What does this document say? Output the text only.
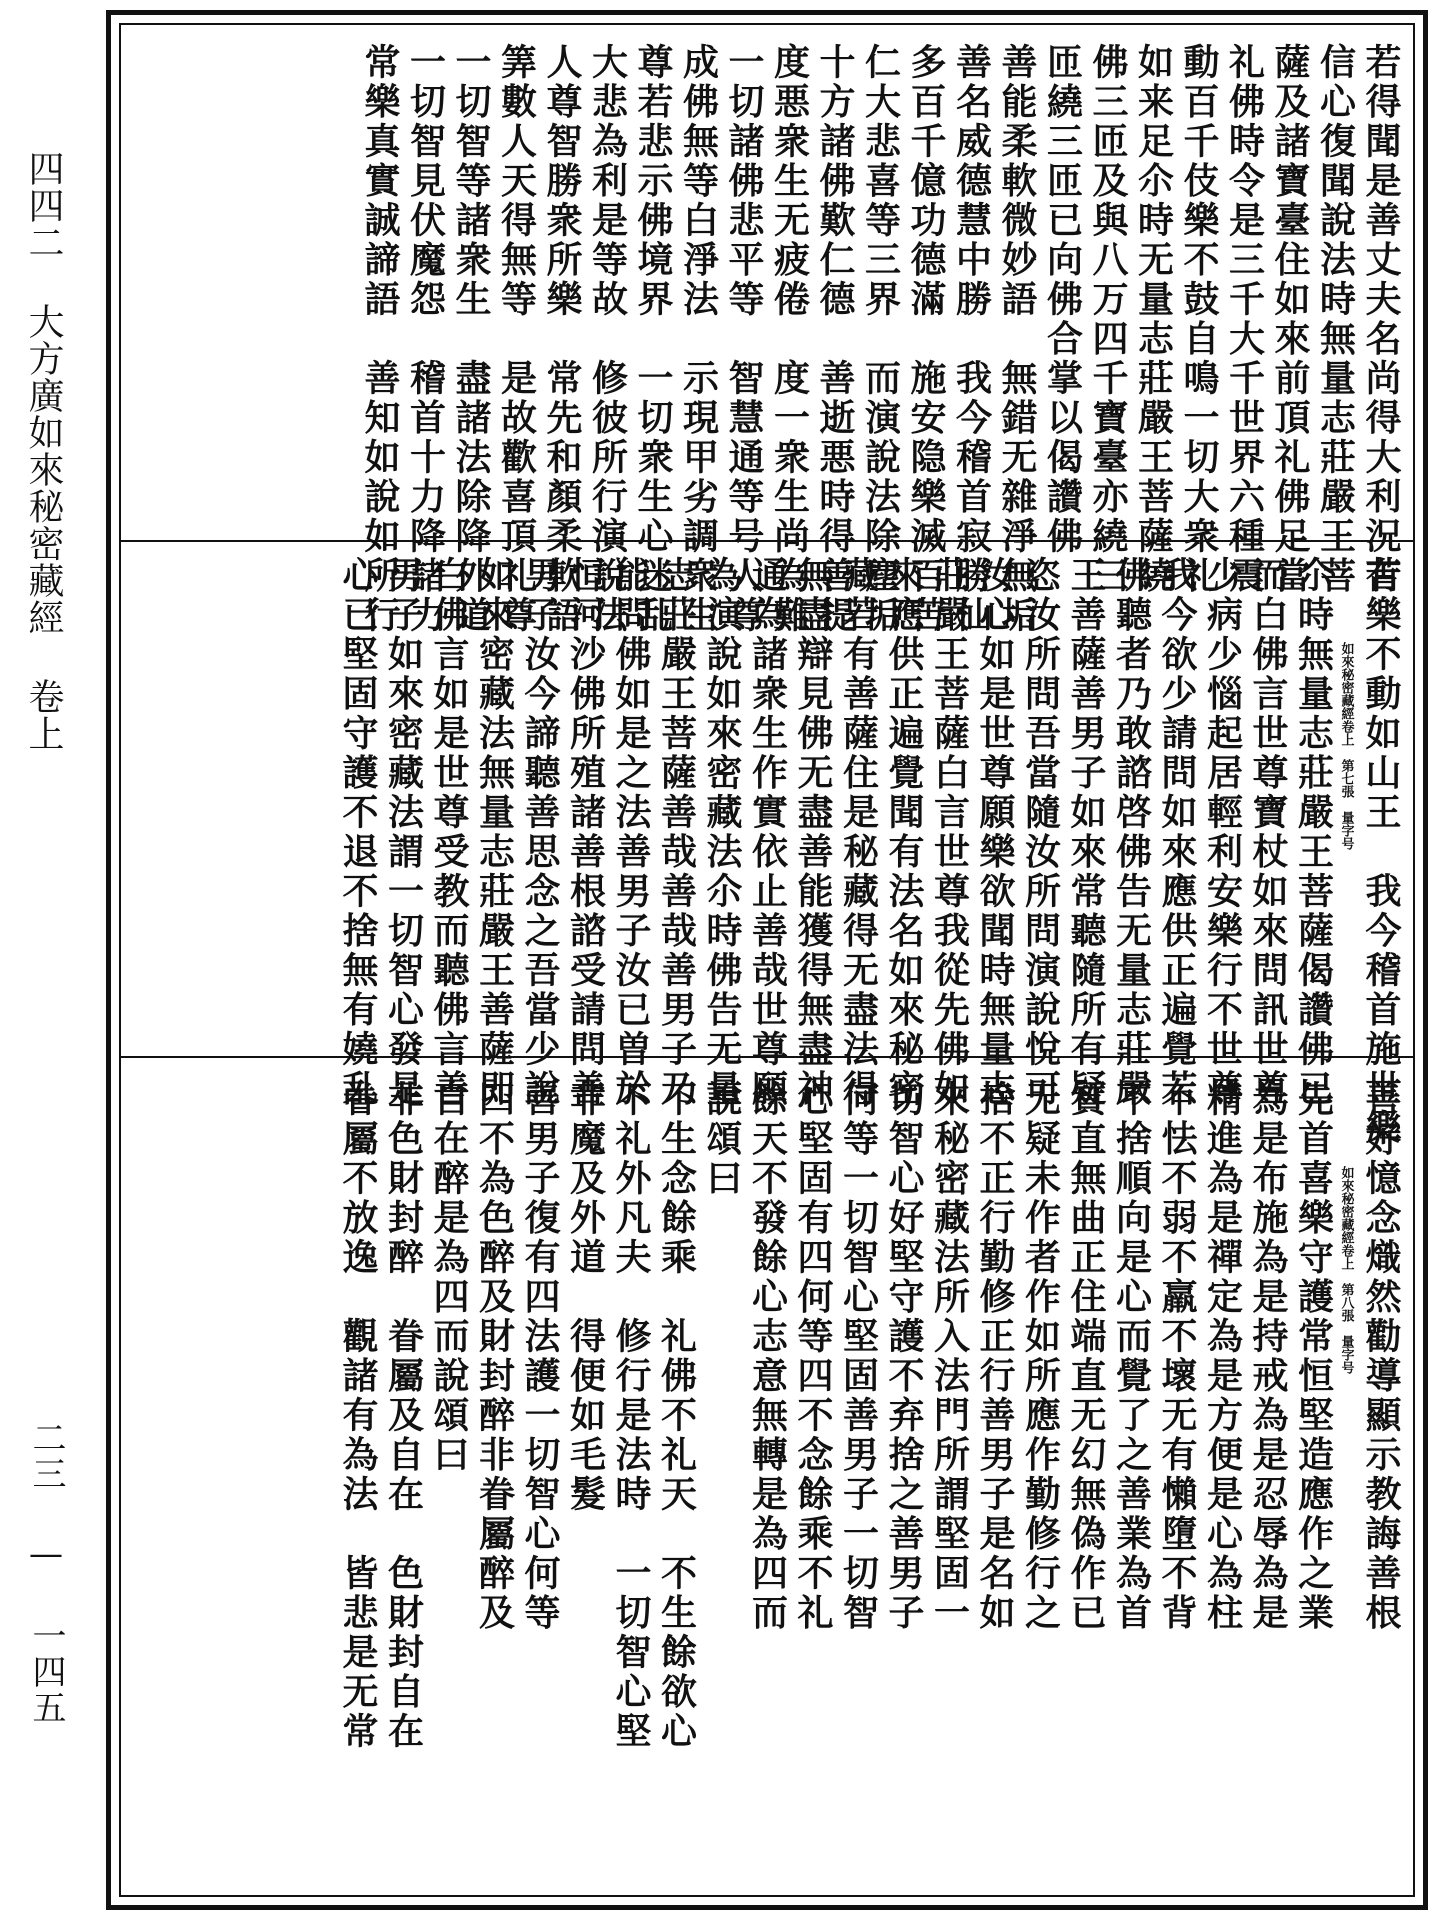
四四二 大方廣如來秘密藏經 卷上
二三 — 一四五
若得聞是善丈夫名尚得大利況有
信心復聞說法時無量志莊嚴王菩
薩及諸寶臺住如來前頂礼佛足當
礼佛時令是三千大千世界六種震
動百千伎樂不鼓自鳴一切大衆礼
如来足尒時无量志莊嚴王菩薩繞
佛三匝及與八万四千寶臺亦繞三
匝繞三匝已向佛合掌以偈讚佛
善能柔軟微妙語　無錯无雜淨無垢
善名威德慧中勝　我今稽首寂勝仙
多百千億功德滿　施安隐樂滅百苦
仁大悲喜等三界　而演說法除塵垢
十方諸佛歎仁德　善逝悪時得善提
度悪衆生无疲倦　度一衆生尚為難
一切諸佛悲平等　智慧通等号人尊
成佛無等白淨法　示現甲劣調衆生
尊若悲示佛境界　一切衆生心迷乱
大悲為利是等故　修彼所行演說法
人尊智勝衆所樂　常先和顏柔軟語
筭數人天得無等　是故歡喜頂礼尊
一切智等諸衆生　盡諸法除降外道
一切智見伏魔怨　稽首十力降諸力
常樂真實誠諦語　善知如說如所行
苦樂不動如山王　我今稽首施世樂
尒時無量志莊嚴王菩薩偈讚佛已
而白佛言世尊寶杖如來問訊世尊
少病少惱起居輕利安樂行不世尊
我今欲少請問如來應供正遍覺若
佛聽者乃敢諮啓佛告无量志莊嚴
王善薩善男子如來常聽隨所有疑
恣汝所問吾當隨汝所問演說悅可
汝心如是世尊願樂欲聞時無量志
莊嚴王菩薩白言世尊我從先佛如
來應供正遍覺聞有法名如來秘密
藏若有善薩住是秘藏得无盡法得
無盡辯見佛无盡善能獲得無盡神
通為諸衆生作實依止善哉世尊願
為演說如來密藏法尒時佛告无量
志莊嚴王菩薩善哉善哉善男子乃
能問佛如是之法善男子汝已曽於
恒河沙佛所殖諸善根諮受請問善
男子汝今諦聽善思念之吾當少說
如來密藏法無量志莊嚴王善薩即
白佛言如是世尊受教而聽佛言善
男子如來密藏法謂一切智心發是
心已堅固守護不退不捨無有嬈乱	如來秘密藏經卷上　第七張　量字号
善好憶念熾然勸導顯示教誨善根
先首喜樂守護常恒堅造應作之業
為是布施為是持戒為是忍辱為是
精進為是禪定為是方便是心為柱
不怯不弱不羸不壞无有懶墮不背
不捨順向是心而覺了之善業為首
質直無曲正住端直无幻無偽作已
无疑未作者作如所應作勤修行之
捨不正行勤修正行善男子是名如
來秘密藏法所入法門所謂堅固一
切智心好堅守護不弃捨之善男子
何等一切智心堅固善男子一切智
心堅固有四何等四不念餘乘不礼
餘天不發餘心志意無轉是為四而
說頌曰
不生念餘乘　礼佛不礼天　不生餘欲心
不礼外凡夫　修行是法時　一切智心堅
非魔及外道　得便如毛髮
善男子復有四法護一切智心何等
四不為色醉及財封醉非眷屬醉及
自在醉是為四而說頌曰
非色財封醉　眷屬及自在　色財封自在
眷屬不放逸　觀諸有為法　皆悲是无常	如來秘密藏經卷上　第八張　量字号
